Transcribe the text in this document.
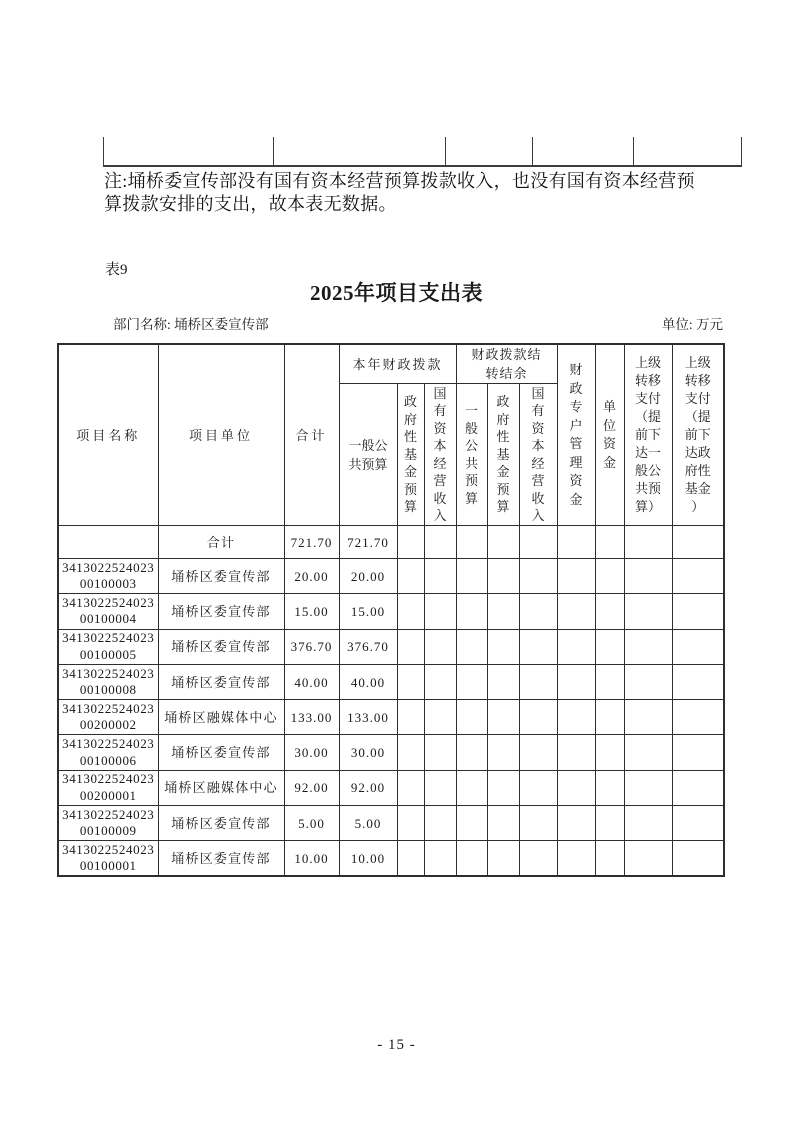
注:埇桥委宣传部没有国有资本经营预算拨款收入，也没有国有资本经营预算拨款安排的支出，故本表无数据。
表9
2025年项目支出表
部门名称: 埇桥区委宣传部	单位: 万元
项目名称	项目单位	合计	本年财政拨款			财政拨款结转结余			财政专户管理资金	单位资金	上级转移支付（提前下达一般公共预算）	上级转移支付（提前下达政府性基金）
			一般公共预算	政府性基金预算	国有资本经营收入	一般公共预算	政府性基金预算	国有资本经营收入				
	合计	721.70	721.70									

3413022524023
00100003	埇桥区委宣传部	20.00	20.00									

3413022524023
00100004	埇桥区委宣传部	15.00	15.00									

3413022524023
00100005	埇桥区委宣传部	376.70	376.70									

3413022524023
00100008	埇桥区委宣传部	40.00	40.00									

3413022524023
00200002	埇桥区融媒体中心	133.00	133.00									

3413022524023
00100006	埇桥区委宣传部	30.00	30.00									

3413022524023
00200001	埇桥区融媒体中心	92.00	92.00									

3413022524023
00100009	埇桥区委宣传部	5.00	5.00									

3413022524023
00100001	埇桥区委宣传部	10.00	10.00									
- 15 -
